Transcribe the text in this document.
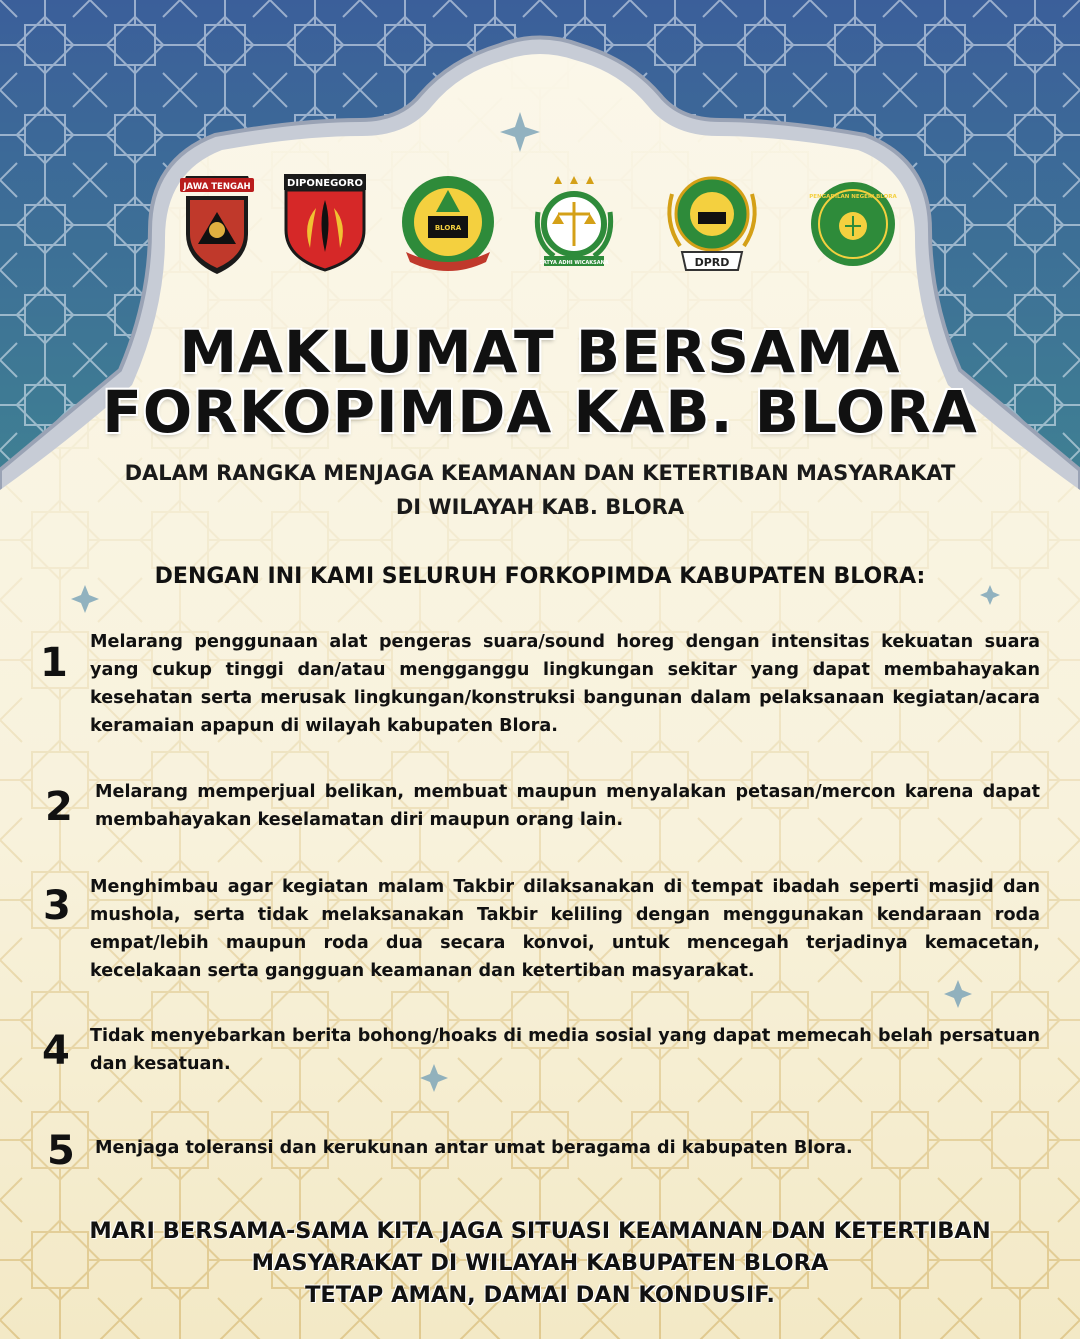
JAWA TENGAH	DIPONEGORO
BLORA
SATYA ADHI WICAKSANA	DPRD
PENGADILAN NEGERI BLORA
MAKLUMAT BERSAMA
FORKOPIMDA KAB. BLORA
DALAM RANGKA MENJAGA KEAMANAN DAN KETERTIBAN MASYARAKAT
DI WILAYAH KAB. BLORA
DENGAN INI KAMI SELURUH FORKOPIMDA KABUPATEN BLORA:
1 Melarang penggunaan alat pengeras suara/sound horeg dengan intensitas kekuatan suara yang cukup tinggi dan/atau mengganggu lingkungan sekitar yang dapat membahayakan kesehatan serta merusak lingkungan/konstruksi bangunan dalam pelaksanaan kegiatan/acara keramaian apapun di wilayah kabupaten Blora.
2 Melarang memperjual belikan, membuat maupun menyalakan petasan/mercon karena dapat membahayakan keselamatan diri maupun orang lain.
3 Menghimbau agar kegiatan malam Takbir dilaksanakan di tempat ibadah seperti masjid dan mushola, serta tidak melaksanakan Takbir keliling dengan menggunakan kendaraan roda empat/lebih maupun roda dua secara konvoi, untuk mencegah terjadinya kemacetan, kecelakaan serta gangguan keamanan dan ketertiban masyarakat.
4 Tidak menyebarkan berita bohong/hoaks di media sosial yang dapat memecah belah persatuan dan kesatuan.
5 Menjaga toleransi dan kerukunan antar umat beragama di kabupaten Blora.
MARI BERSAMA-SAMA KITA JAGA SITUASI KEAMANAN DAN KETERTIBAN
MASYARAKAT DI WILAYAH KABUPATEN BLORA
TETAP AMAN, DAMAI DAN KONDUSIF.
